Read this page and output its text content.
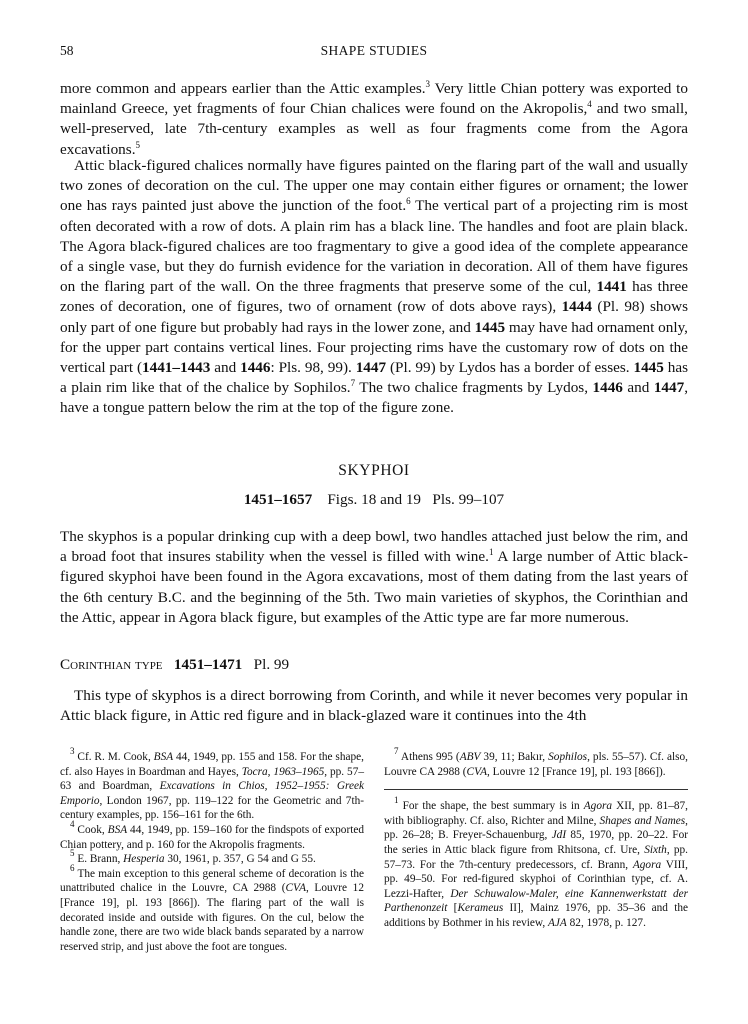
58	SHAPE STUDIES

more common and appears earlier than the Attic examples.$^3$ Very little Chian pottery was exported to mainland Greece, yet fragments of four Chian chalices were found on the Akropolis,$^4$ and two small, well-preserved, late 7th-century examples as well as four fragments come from the Agora excavations.$^5$

Attic black-figured chalices normally have figures painted on the flaring part of the wall and usually two zones of decoration on the cul. The upper one may contain either figures or ornament; the lower one has rays painted just above the junction of the foot.$^6$ The vertical part of a projecting rim is most often decorated with a row of dots. A plain rim has a black line. The handles and foot are plain black. The Agora black-figured chalices are too fragmentary to give a good idea of the complete appearance of a single vase, but they do furnish evidence for the variation in decoration. All of them have figures on the flaring part of the wall. On the three fragments that preserve some of the cul, 1441 has three zones of decoration, one of figures, two of ornament (row of dots above rays), 1444 (Pl. 98) shows only part of one figure but probably had rays in the lower zone, and 1445 may have had ornament only, for the upper part contains vertical lines. Four projecting rims have the customary row of dots on the vertical part (1441–1443 and 1446: Pls. 98, 99). 1447 (Pl. 99) by Lydos has a border of esses. 1445 has a plain rim like that of the chalice by Sophilos.$^7$ The two chalice fragments by Lydos, 1446 and 1447, have a tongue pattern below the rim at the top of the figure zone.

SKYPHOI
1451–1657 Figs. 18 and 19   Pls. 99–107

The skyphos is a popular drinking cup with a deep bowl, two handles attached just below the rim, and a broad foot that insures stability when the vessel is filled with wine.$^1$ A large number of Attic black-figured skyphoi have been found in the Agora excavations, most of them dating from the last years of the 6th century B.C. and the beginning of the 5th. Two main varieties of skyphos, the Corinthian and the Attic, appear in Agora black figure, but examples of the Attic type are far more numerous.

Corinthian type 1451–1471 Pl. 99

This type of skyphos is a direct borrowing from Corinth, and while it never becomes very popular in Attic black figure, in Attic red figure and in black-glazed ware it continues into the 4th

$^3$ Cf. R. M. Cook, BSA 44, 1949, pp. 155 and 158. For the shape, cf. also Hayes in Boardman and Hayes, Tocra, 1963–1965, pp. 57–63 and Boardman, Excavations in Chios, 1952–1955: Greek Emporio, London 1967, pp. 119–122 for the Geometric and 7th-century examples, pp. 156–161 for the 6th.

$^4$ Cook, BSA 44, 1949, pp. 159–160 for the findspots of exported Chian pottery, and p. 160 for the Akropolis fragments.

$^5$ E. Brann, Hesperia 30, 1961, p. 357, G 54 and G 55.

$^6$ The main exception to this general scheme of decoration is the unattributed chalice in the Louvre, CA 2988 (CVA, Louvre 12 [France 19], pl. 193 [866]). The flaring part of the wall is decorated inside and outside with figures. On the cul, below the handle zone, there are two wide black bands separated by a narrow reserved strip, and just above the foot are tongues.

$^7$ Athens 995 (ABV 39, 11; Bakır, Sophilos, pls. 55–57). Cf. also, Louvre CA 2988 (CVA, Louvre 12 [France 19], pl. 193 [866]).

$^1$ For the shape, the best summary is in Agora XII, pp. 81–87, with bibliography. Cf. also, Richter and Milne, Shapes and Names, pp. 26–28; B. Freyer-Schauenburg, JdI 85, 1970, pp. 20–22. For the series in Attic black figure from Rhitsona, cf. Ure, Sixth, pp. 57–73. For the 7th-century predecessors, cf. Brann, Agora VIII, pp. 49–50. For red-figured skyphoi of Corinthian type, cf. A. Lezzi-Hafter, Der Schuwalow-Maler, eine Kannenwerkstatt der Parthenonzeit [Kerameus II], Mainz 1976, pp. 35–36 and the additions by Bothmer in his review, AJA 82, 1978, p. 127.
